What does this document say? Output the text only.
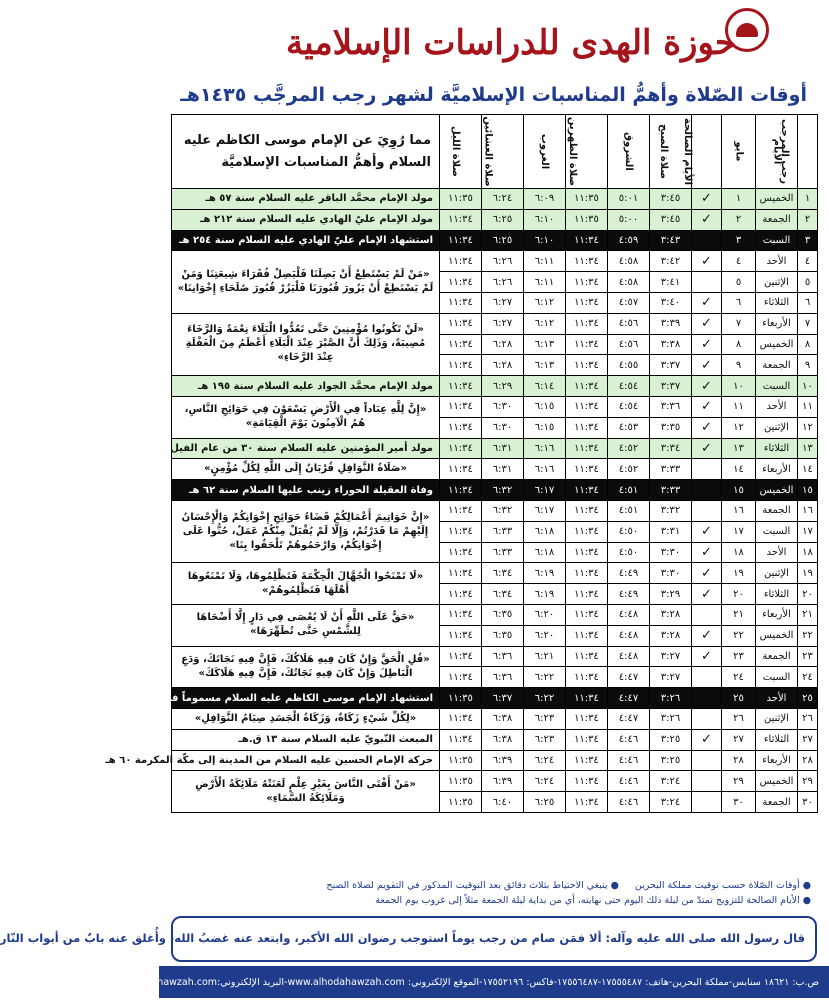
حوزة الهدى للدراسات الإسلامية
أوقات الصّلاة وأهمُّ المناسبات الإسلاميَّة لشهر رجب المرجَّب ١٤٣٥هـ
رجب المرجب	الأيام	مايو	الأيام الصالحة	صلاة الصبح	الشروق	صلاة الظهرين	الغروب	صلاة العشائين	صلاة الليل	مما رُوِيَ عن الإمام موسى الكاظم عليه السلام وأهمُّ المناسبات الإسلاميَّة
١	الخميس	١	✓	٣:٤٥	٥:٠١	١١:٣٥	٦:٠٩	٦:٢٤	١١:٣٥	مولد الإمام محمَّد الباقر عليه السلام سنة ٥٧ هـ
٢	الجمعة	٢	✓	٣:٤٥	٥:٠٠	١١:٣٥	٦:١٠	٦:٢٥	١١:٣٤	مولد الإمام عليّ الهادي عليه السلام سنة ٢١٢ هـ
٣	السبت	٣		٣:٤٣	٤:٥٩	١١:٣٤	٦:١٠	٦:٢٥	١١:٣٤	استشهاد الإمام عليّ الهادي عليه السلام سنة ٢٥٤ هـ
٤	الأحد	٤	✓	٣:٤٢	٤:٥٨	١١:٣٤	٦:١١	٦:٢٦	١١:٣٤	«مَنْ لَمْ يَسْتَطِعْ أَنْ يَصِلَنَا فَلْيَصِلْ فُقَرَاءَ شِيعَتِنَا وَمَنْ لَمْ يَسْتَطِعْ أَنْ يَزُورَ قُبُورَنَا فَلْيَزُرْ قُبُورَ صُلَحَاءِ إِخْوَانِنَا»
٥	الإثنين	٥		٣:٤١	٤:٥٨	١١:٣٤	٦:١١	٦:٢٦	١١:٣٤	
٦	الثلاثاء	٦	✓	٣:٤٠	٤:٥٧	١١:٣٤	٦:١٢	٦:٢٧	١١:٣٤	
٧	الأربعاء	٧	✓	٣:٣٩	٤:٥٦	١١:٣٤	٦:١٢	٦:٢٧	١١:٣٤	«لَنْ تَكُونُوا مُؤْمِنِينَ حَتَّى تَعُدُّوا الْبَلَاءَ نِعْمَةً وَالرَّخَاءَ مُصِيبَةً، وَذَلِكَ أَنَّ الصَّبْرَ عِنْدَ الْبَلَاءِ أَعْظَمُ مِنَ الْغَفْلَةِ عِنْدَ الرَّخَاءِ»
٨	الخميس	٨	✓	٣:٣٨	٤:٥٦	١١:٣٤	٦:١٣	٦:٢٨	١١:٣٤	
٩	الجمعة	٩	✓	٣:٣٧	٤:٥٥	١١:٣٤	٦:١٣	٦:٢٨	١١:٣٤	
١٠	السبت	١٠	✓	٣:٣٧	٤:٥٤	١١:٣٤	٦:١٤	٦:٢٩	١١:٣٤	مولد الإمام محمَّد الجواد عليه السلام سنة ١٩٥ هـ
١١	الأحد	١١	✓	٣:٣٦	٤:٥٤	١١:٣٤	٦:١٥	٦:٣٠	١١:٣٤	«إِنَّ لِلَّهِ عِبَاداً فِي الْأَرْضِ يَسْعَوْنَ فِي حَوَائِجِ النَّاسِ، هُمُ الْآمِنُونَ يَوْمَ الْقِيَامَةِ»
١٢	الإثنين	١٢	✓	٣:٣٥	٤:٥٣	١١:٣٤	٦:١٥	٦:٣٠	١١:٣٤	
١٣	الثلاثاء	١٣	✓	٣:٣٤	٤:٥٢	١١:٣٤	٦:١٦	٦:٣١	١١:٣٤	مولد أمير المؤمنين عليه السلام سنة ٣٠ من عام الفيل
١٤	الأربعاء	١٤		٣:٣٣	٤:٥٢	١١:٣٤	٦:١٦	٦:٣١	١١:٣٤	«صَلَاةُ النَّوَافِلِ قُرْبَانٌ إِلَى اللَّهِ لِكُلِّ مُؤْمِنٍ»
١٥	الخميس	١٥		٣:٣٣	٤:٥١	١١:٣٤	٦:١٧	٦:٣٢	١١:٣٤	وفاة العقيلة الحوراء زينب عليها السلام سنة ٦٢ هـ
١٦	الجمعة	١٦		٣:٣٢	٤:٥١	١١:٣٤	٦:١٧	٦:٣٢	١١:٣٤	«إِنَّ خَوَاتِيمَ أَعْمَالِكُمْ قَضَاءُ حَوَائِجِ إِخْوَانِكُمْ وَالْإِحْسَانُ إِلَيْهِمْ مَا قَدَرْتُمْ، وَإِلَّا لَمْ يُقْبَلْ مِنْكُمْ عَمَلٌ، حُنُّوا عَلَى إِخْوَانِكُمْ، وَارْحَمُوهُمْ تَلْحَقُوا بِنَا»
١٧	السبت	١٧	✓	٣:٣١	٤:٥٠	١١:٣٤	٦:١٨	٦:٣٣	١١:٣٤	
١٨	الأحد	١٨	✓	٣:٣٠	٤:٥٠	١١:٣٤	٦:١٨	٦:٣٣	١١:٣٤	
١٩	الإثنين	١٩	✓	٣:٣٠	٤:٤٩	١١:٣٤	٦:١٩	٦:٣٤	١١:٣٤	«لَا تَمْنَحُوا الْجُهَّالَ الْحِكْمَةَ فَتَظْلِمُوهَا، وَلَا تَمْنَعُوهَا أَهْلَهَا فَتَظْلِمُوهُمْ»
٢٠	الثلاثاء	٢٠	✓	٣:٢٩	٤:٤٩	١١:٣٤	٦:١٩	٦:٣٤	١١:٣٤	
٢١	الأربعاء	٢١		٣:٢٨	٤:٤٨	١١:٣٤	٦:٢٠	٦:٣٥	١١:٣٤	«حَقٌّ عَلَى اللَّهِ أَنْ لَا يُعْصَى فِي دَارٍ إِلَّا أَضْحَاهَا لِلشَّمْسِ حَتَّى تُطَهِّرَهَا»
٢٢	الخميس	٢٢	✓	٣:٢٨	٤:٤٨	١١:٣٤	٦:٢٠	٦:٣٥	١١:٣٤	
٢٣	الجمعة	٢٣	✓	٣:٢٧	٤:٤٨	١١:٣٤	٦:٢١	٦:٣٦	١١:٣٤	«قُلِ الْحَقَّ وَإِنْ كَانَ فِيهِ هَلَاكُكَ، فَإِنَّ فِيهِ نَجَاتَكَ، وَدَعِ الْبَاطِلَ وَإِنْ كَانَ فِيهِ نَجَاتُكَ، فَإِنَّ فِيهِ هَلَاكَكَ»
٢٤	السبت	٢٤		٣:٢٧	٤:٤٧	١١:٣٤	٦:٢٢	٦:٣٦	١١:٣٤	
٢٥	الأحد	٢٥		٣:٢٦	٤:٤٧	١١:٣٤	٦:٢٢	٦:٣٧	١١:٣٥	استشهاد الإمام موسى الكاظم عليه السلام مسموماً في السّجن ١٨٣هـ
٢٦	الإثنين	٢٦		٣:٢٦	٤:٤٧	١١:٣٤	٦:٢٣	٦:٣٨	١١:٣٤	«لِكُلِّ شَيْءٍ زَكَاةٌ، وَزَكَاةُ الْجَسَدِ صِيَامُ النَّوَافِلِ»
٢٧	الثلاثاء	٢٧	✓	٣:٢٥	٤:٤٦	١١:٣٤	٦:٢٣	٦:٣٨	١١:٣٤	المبعث النّبويّ عليه السلام سنة ١٣ ق.هـ
٢٨	الأربعاء	٢٨		٣:٢٥	٤:٤٦	١١:٣٤	٦:٢٤	٦:٣٩	١١:٣٥	حركة الإمام الحسين عليه السلام من المدينة إلى مكّة المكرمة ٦٠ هـ
٢٩	الخميس	٢٩		٣:٢٤	٤:٤٦	١١:٣٤	٦:٢٤	٦:٣٩	١١:٣٥	«مَنْ أَفْتَى النَّاسَ بِغَيْرِ عِلْمٍ لَعَنَتْهُ مَلَائِكَةُ الْأَرْضِ وَمَلَائِكَةُ السَّمَاءِ»
٣٠	الجمعة	٣٠		٣:٢٤	٤:٤٦	١١:٣٤	٦:٢٥	٦:٤٠	١١:٣٥	
● أوقات الصّلاة حسب توقيت مملكة البحرين
● ينبغي الاحتياط بثلاث دقائق بعد التوقيت المذكور في التقويم لصلاة الصبح
● الأيام الصالحة للتزويج تمتدّ من ليلة ذلك اليوم حتى نهايته، أي من بداية ليلة الجمعة مثلاً إلى غروب يوم الجمعة
قال رسول الله صلى الله عليه وآله: ألا فمَن صام من رجب يوماً استوجب رضوان الله الأكبر، وابتعد عنه غضبُ الله، وأُغلق عنه بابٌ من أبواب النّار
ص.ب: ١٨٦٢١ سنابس-مملكة البحرين-هاتف: ١٧٥٥٥٤٨٧-١٧٥٥٦٤٨٧-فاكس: ١٧٥٥٢١٩٦-الموقع الإلكتروني: www.alhodahawzah.com-البريد الإلكتروني:
info@alhodahawzah.com
